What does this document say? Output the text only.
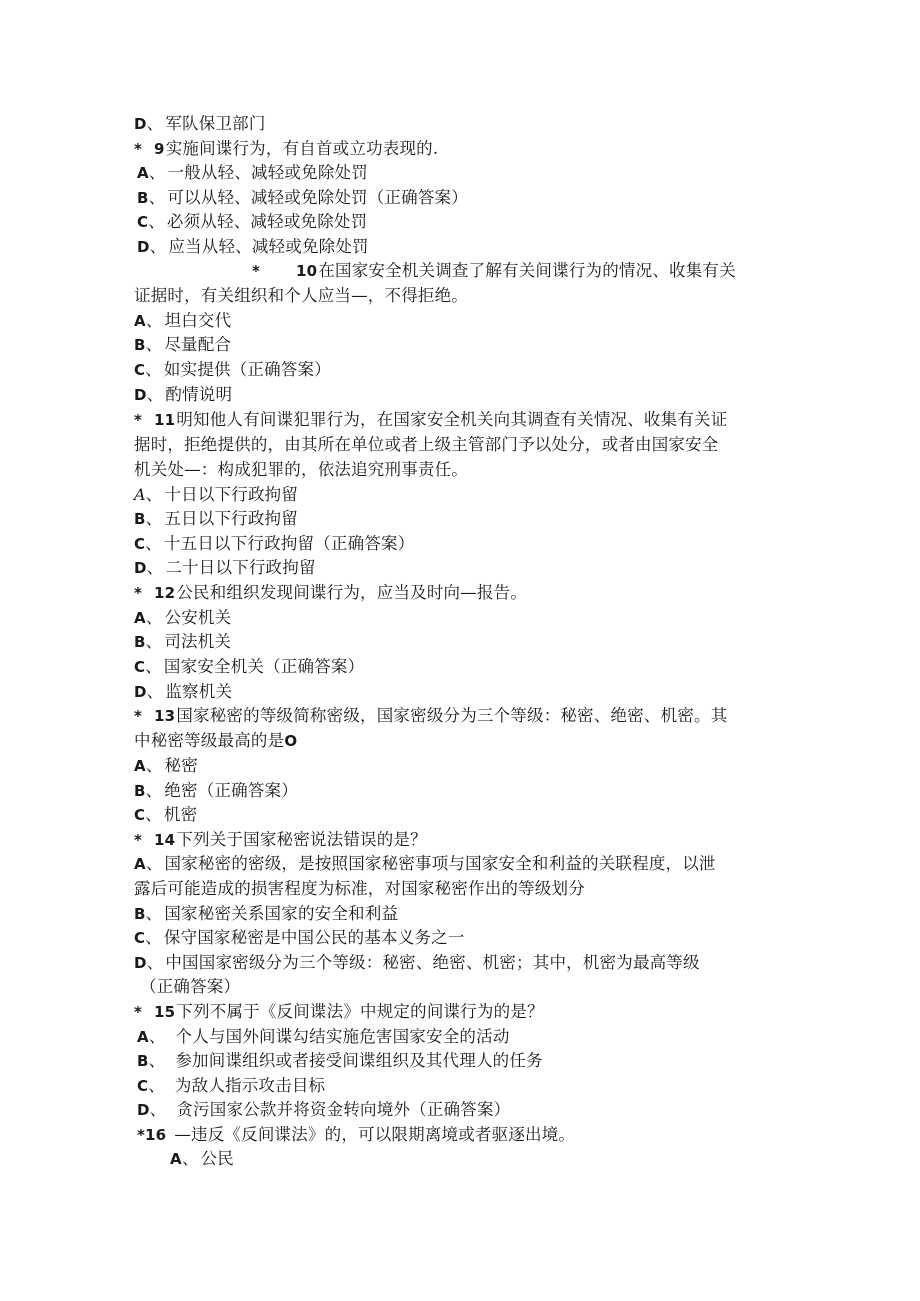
D、 军队保卫部门
* 9实施间谍行为，有自首或立功表现的.
A、 一般从轻、减轻或免除处罚
B、 可以从轻、减轻或免除处罚（正确答案）
C、 必须从轻、减轻或免除处罚
D、 应当从轻、减轻或免除处罚
* 10在国家安全机关调查了解有关间谍行为的情况、收集有关
证据时，有关组织和个人应当—，不得拒绝。
A、 坦白交代
B、 尽量配合
C、 如实提供（正确答案）
D、 酌情说明
* 11明知他人有间谍犯罪行为，在国家安全机关向其调查有关情况、收集有关证
据时，拒绝提供的，由其所在单位或者上级主管部门予以处分，或者由国家安全
机关处—：构成犯罪的，依法追究刑事责任。
A、 十日以下行政拘留
B、 五日以下行政拘留
C、 十五日以下行政拘留（正确答案）
D、 二十日以下行政拘留
* 12公民和组织发现间谍行为，应当及时向—报告。
A、 公安机关
B、 司法机关
C、 国家安全机关（正确答案）
D、 监察机关
* 13国家秘密的等级简称密级，国家密级分为三个等级：秘密、绝密、机密。其
中秘密等级最高的是O
A、 秘密
B、 绝密（正确答案）
C、 机密
* 14下列关于国家秘密说法错误的是？
A、 国家秘密的密级，是按照国家秘密事项与国家安全和利益的关联程度，以泄
露后可能造成的损害程度为标准，对国家秘密作出的等级划分
B、 国家秘密关系国家的安全和利益
C、 保守国家秘密是中国公民的基本义务之一
D、 中国国家密级分为三个等级：秘密、绝密、机密；其中，机密为最高等级
（正确答案）
* 15下列不属于《反间谍法》中规定的间谍行为的是？
A、 个人与国外间谍勾结实施危害国家安全的活动
B、 参加间谍组织或者接受间谍组织及其代理人的任务
C、 为敌人指示攻击目标
D、 贪污国家公款并将资金转向境外（正确答案）
*16 —违反《反间谍法》的，可以限期离境或者驱逐出境。
A、 公民
